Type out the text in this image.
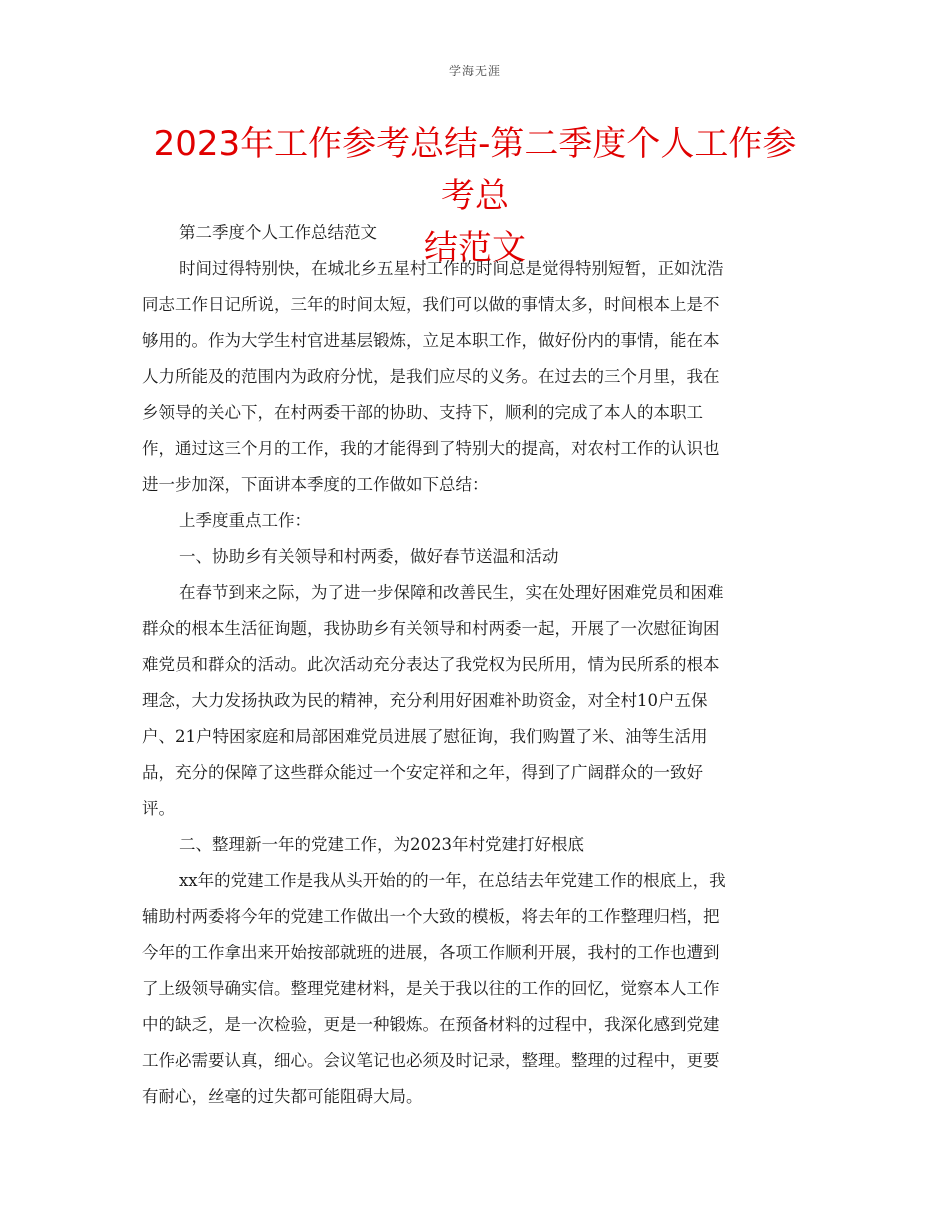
学海无涯
2023年工作参考总结-第二季度个人工作参考总
结范文
第二季度个人工作总结范文
时间过得特别快，在城北乡五星村工作的时间总是觉得特别短暂，正如沈浩
同志工作日记所说，三年的时间太短，我们可以做的事情太多，时间根本上是不
够用的。作为大学生村官进基层锻炼，立足本职工作，做好份内的事情，能在本
人力所能及的范围内为政府分忧，是我们应尽的义务。在过去的三个月里，我在
乡领导的关心下，在村两委干部的协助、支持下，顺利的完成了本人的本职工
作，通过这三个月的工作，我的才能得到了特别大的提高，对农村工作的认识也
进一步加深，下面讲本季度的工作做如下总结：
上季度重点工作：
一、协助乡有关领导和村两委，做好春节送温和活动
在春节到来之际，为了进一步保障和改善民生，实在处理好困难党员和困难
群众的根本生活征询题，我协助乡有关领导和村两委一起，开展了一次慰征询困
难党员和群众的活动。此次活动充分表达了我党权为民所用，情为民所系的根本
理念，大力发扬执政为民的精神，充分利用好困难补助资金，对全村10户五保
户、21户特困家庭和局部困难党员进展了慰征询，我们购置了米、油等生活用
品，充分的保障了这些群众能过一个安定祥和之年，得到了广阔群众的一致好
评。
二、整理新一年的党建工作，为2023年村党建打好根底
xx年的党建工作是我从头开始的的一年，在总结去年党建工作的根底上，我
辅助村两委将今年的党建工作做出一个大致的模板，将去年的工作整理归档，把
今年的工作拿出来开始按部就班的进展，各项工作顺利开展，我村的工作也遭到
了上级领导确实信。整理党建材料，是关于我以往的工作的回忆，觉察本人工作
中的缺乏，是一次检验，更是一种锻炼。在预备材料的过程中，我深化感到党建
工作必需要认真，细心。会议笔记也必须及时记录，整理。整理的过程中，更要
有耐心，丝毫的过失都可能阻碍大局。
